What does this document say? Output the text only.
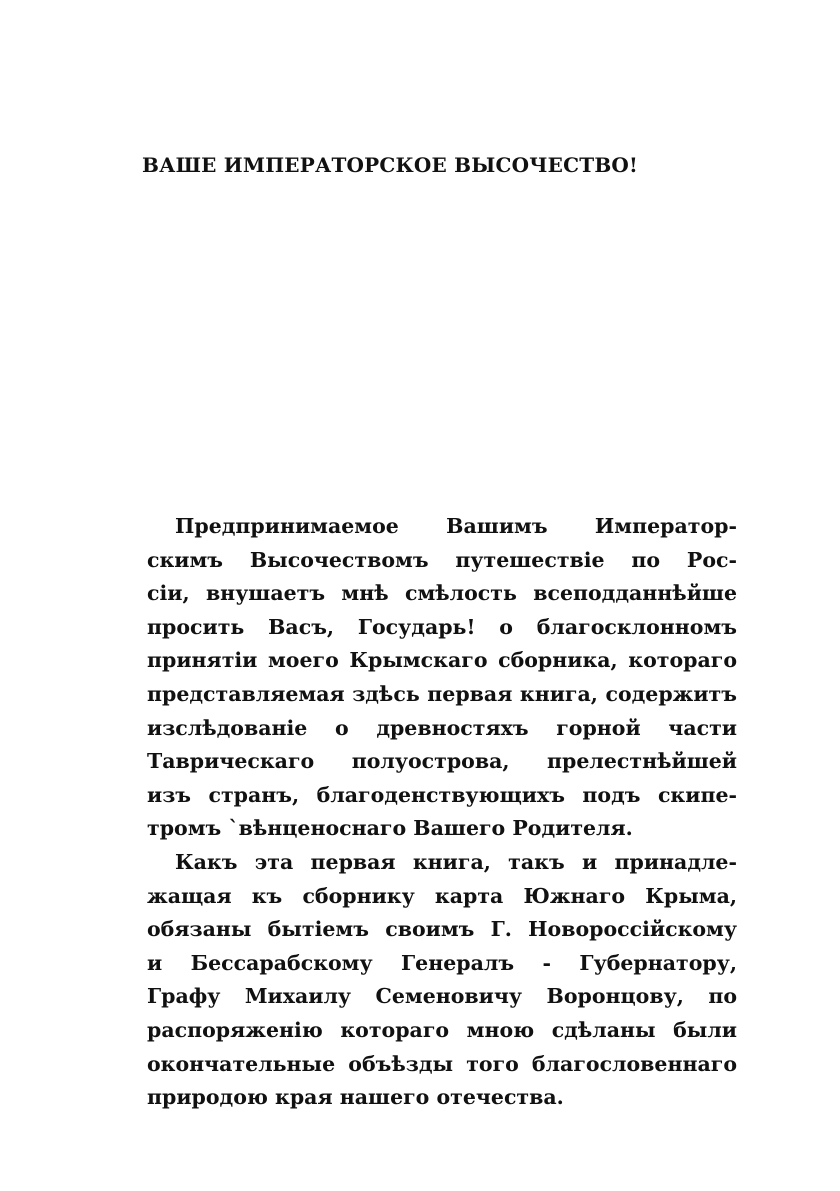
ВАШЕ ИМПЕРАТОРСКОЕ ВЫСОЧЕСТВО!
Предпринимаемое Вашимъ Император-
скимъ Высочествомъ путешествіе по Рос-
сіи, внушаетъ мнѣ смѣлость всеподданнѣйше
просить Васъ, Государь! о благосклонномъ
принятіи моего Крымскаго сборника, котораго
представляемая здѣсь первая книга, содержитъ
изслѣдованіе о древностяхъ горной части
Таврическаго полуострова, прелестнѣйшей
изъ странъ, благоденствующихъ подъ скипе-
тромъ `вѣнценоснаго Вашего Родителя.
Какъ эта первая книга, такъ и принадле-
жащая къ сборнику карта Южнаго Крыма,
обязаны бытіемъ своимъ Г. Новороссійскому
и Бессарабскому Генералъ - Губернатору,
Графу Михаилу Семеновичу Воронцову, по
распоряженію котораго мною сдѣланы были
окончательные объѣзды того благословеннаго
природою края нашего отечества.
